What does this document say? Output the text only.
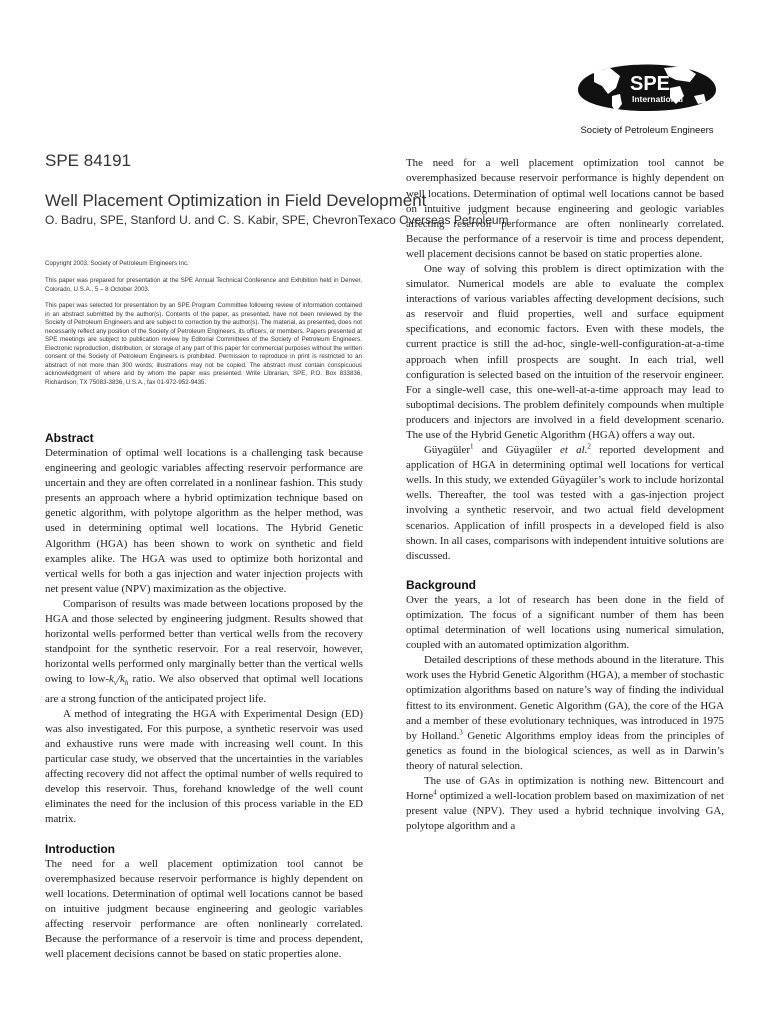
SPE
International
Society of Petroleum Engineers
SPE 84191
Well Placement Optimization in Field Development
O. Badru, SPE, Stanford U. and C. S. Kabir, SPE, ChevronTexaco Overseas Petroleum

Copyright 2003, Society of Petroleum Engineers Inc.

This paper was prepared for presentation at the SPE Annual Technical Conference and Exhibition held in Denver, Colorado, U.S.A., 5 – 8 October 2003.

This paper was selected for presentation by an SPE Program Committee following review of information contained in an abstract submitted by the author(s). Contents of the paper, as presented, have not been reviewed by the Society of Petroleum Engineers and are subject to correction by the author(s). The material, as presented, does not necessarily reflect any position of the Society of Petroleum Engineers, its officers, or members. Papers presented at SPE meetings are subject to publication review by Editorial Committees of the Society of Petroleum Engineers. Electronic reproduction, distribution, or storage of any part of this paper for commercial purposes without the written consent of the Society of Petroleum Engineers is prohibited. Permission to reproduce in print is restricted to an abstract of not more than 300 words; illustrations may not be copied. The abstract must contain conspicuous acknowledgment of where and by whom the paper was presented. Write Librarian, SPE, P.O. Box 833836, Richardson, TX 75083-3836, U.S.A., fax 01-972-952-9435.

Abstract

Determination of optimal well locations is a challenging task because engineering and geologic variables affecting reservoir performance are uncertain and they are often correlated in a nonlinear fashion. This study presents an approach where a hybrid optimization technique based on genetic algorithm, with polytope algorithm as the helper method, was used in determining optimal well locations. The Hybrid Genetic Algorithm (HGA) has been shown to work on synthetic and field examples alike. The HGA was used to optimize both horizontal and vertical wells for both a gas injection and water injection projects with net present value (NPV) maximization as the objective.

Comparison of results was made between locations proposed by the HGA and those selected by engineering judgment. Results showed that horizontal wells performed better than vertical wells from the recovery standpoint for the synthetic reservoir. For a real reservoir, however, horizontal wells performed only marginally better than the vertical wells owing to low-$k_v/k_h$ ratio. We also observed that optimal well locations are a strong function of the anticipated project life.

A method of integrating the HGA with Experimental Design (ED) was also investigated. For this purpose, a synthetic reservoir was used and exhaustive runs were made with increasing well count. In this particular case study, we observed that the uncertainties in the variables affecting recovery did not affect the optimal number of wells required to develop this reservoir. Thus, forehand knowledge of the well count eliminates the need for the inclusion of this process variable in the ED matrix.

Introduction

The need for a well placement optimization tool cannot be overemphasized because reservoir performance is highly dependent on well locations. Determination of optimal well locations cannot be based on intuitive judgment because engineering and geologic variables affecting reservoir performance are often nonlinearly correlated. Because the performance of a reservoir is time and process dependent, well placement decisions cannot be based on static properties alone.

The need for a well placement optimization tool cannot be overemphasized because reservoir performance is highly dependent on well locations. Determination of optimal well locations cannot be based on intuitive judgment because engineering and geologic variables affecting reservoir performance are often nonlinearly correlated. Because the performance of a reservoir is time and process dependent, well placement decisions cannot be based on static properties alone.

One way of solving this problem is direct optimization with the simulator. Numerical models are able to evaluate the complex interactions of various variables affecting development decisions, such as reservoir and fluid properties, well and surface equipment specifications, and economic factors. Even with these models, the current practice is still the ad-hoc, single-well-configuration-at-a-time approach when infill prospects are sought. In each trial, well configuration is selected based on the intuition of the reservoir engineer. For a single-well case, this one-well-at-a-time approach may lead to suboptimal decisions. The problem definitely compounds when multiple producers and injectors are involved in a field development scenario. The use of the Hybrid Genetic Algorithm (HGA) offers a way out.

Güyagüler$^1$ and Güyagüler et al.$^2$ reported development and application of HGA in determining optimal well locations for vertical wells. In this study, we extended Güyagüler’s work to include horizontal wells. Thereafter, the tool was tested with a gas-injection project involving a synthetic reservoir, and two actual field development scenarios. Application of infill prospects in a developed field is also shown. In all cases, comparisons with independent intuitive solutions are discussed.

Background

Over the years, a lot of research has been done in the field of optimization. The focus of a significant number of them has been optimal determination of well locations using numerical simulation, coupled with an automated optimization algorithm.

Detailed descriptions of these methods abound in the literature. This work uses the Hybrid Genetic Algorithm (HGA), a member of stochastic optimization algorithms based on nature’s way of finding the individual fittest to its environment. Genetic Algorithm (GA), the core of the HGA and a member of these evolutionary techniques, was introduced in 1975 by Holland.$^3$ Genetic Algorithms employ ideas from the principles of genetics as found in the biological sciences, as well as in Darwin’s theory of natural selection.

The use of GAs in optimization is nothing new. Bittencourt and Horne$^4$ optimized a well-location problem based on maximization of net present value (NPV). They used a hybrid technique involving GA, polytope algorithm and a
